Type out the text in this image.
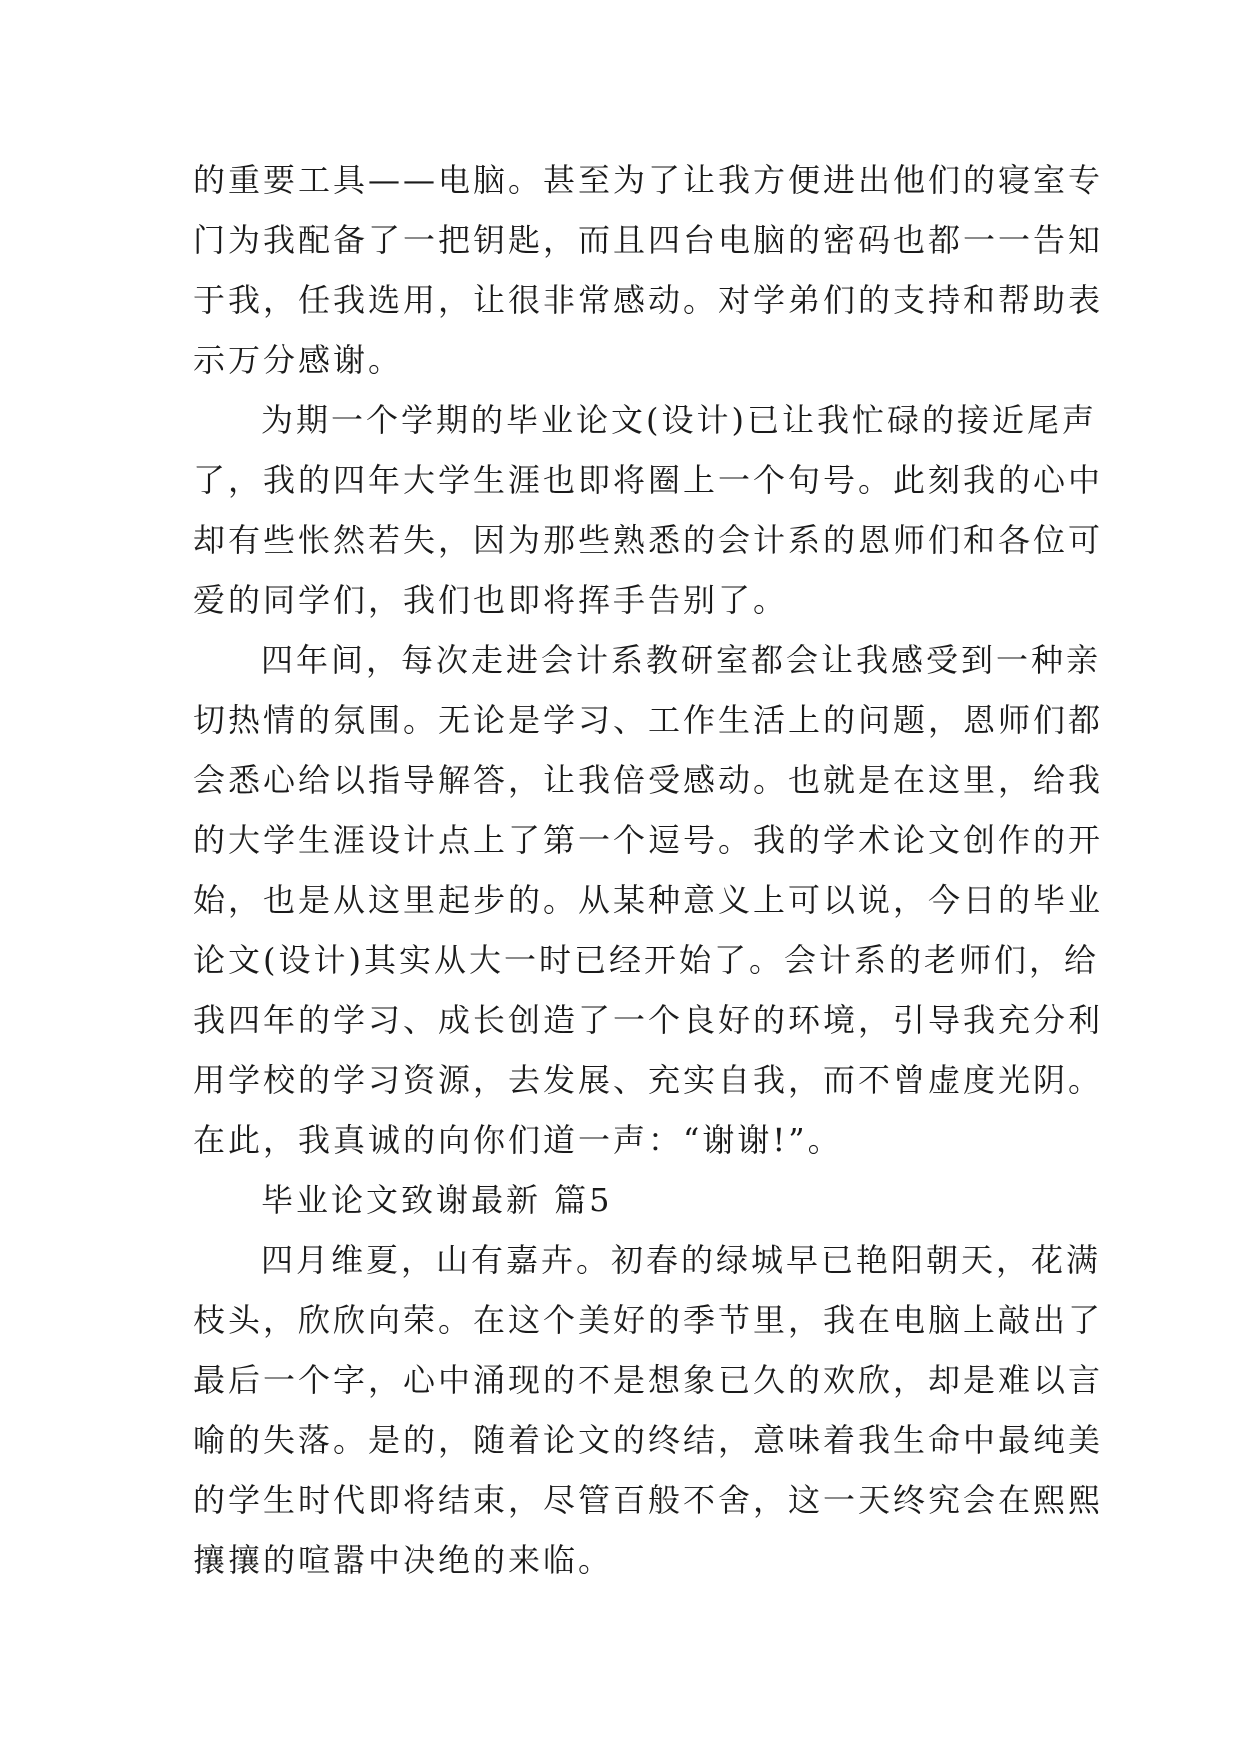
的重要工具——电脑。甚至为了让我方便进出他们的寝室专
门为我配备了一把钥匙，而且四台电脑的密码也都一一告知
于我，任我选用，让很非常感动。对学弟们的支持和帮助表
示万分感谢。
为期一个学期的毕业论文(设计)已让我忙碌的接近尾声
了，我的四年大学生涯也即将圈上一个句号。此刻我的心中
却有些怅然若失，因为那些熟悉的会计系的恩师们和各位可
爱的同学们，我们也即将挥手告别了。
四年间，每次走进会计系教研室都会让我感受到一种亲
切热情的氛围。无论是学习、工作生活上的问题，恩师们都
会悉心给以指导解答，让我倍受感动。也就是在这里，给我
的大学生涯设计点上了第一个逗号。我的学术论文创作的开
始，也是从这里起步的。从某种意义上可以说，今日的毕业
论文(设计)其实从大一时已经开始了。会计系的老师们，给
我四年的学习、成长创造了一个良好的环境，引导我充分利
用学校的学习资源，去发展、充实自我，而不曾虚度光阴。
在此，我真诚的向你们道一声：“谢谢!”。
毕业论文致谢最新 篇5
四月维夏，山有嘉卉。初春的绿城早已艳阳朝天，花满
枝头，欣欣向荣。在这个美好的季节里，我在电脑上敲出了
最后一个字，心中涌现的不是想象已久的欢欣，却是难以言
喻的失落。是的，随着论文的终结，意味着我生命中最纯美
的学生时代即将结束，尽管百般不舍，这一天终究会在熙熙
攘攘的喧嚣中决绝的来临。
